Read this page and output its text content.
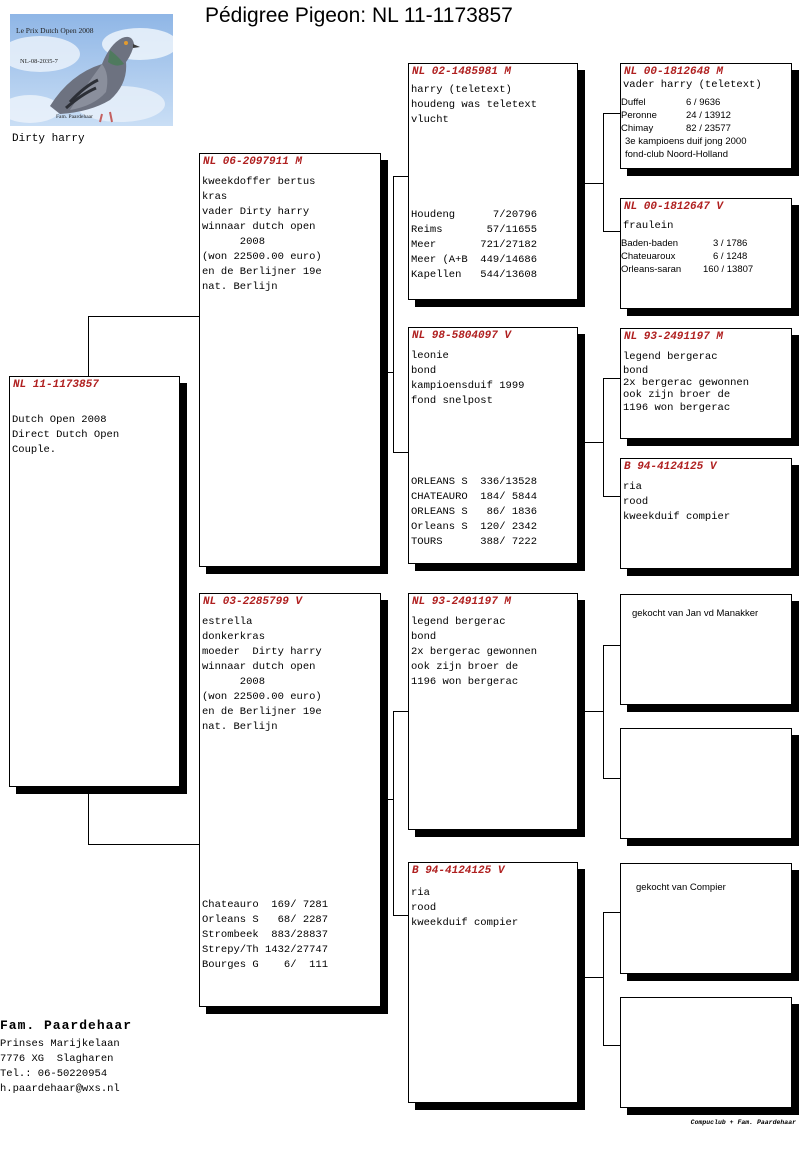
Pédigree Pigeon: NL 11-1173857
Le Prix Dutch Open 2008
NL-08-2035-7
Fam. Paardehaar
Dirty harry
NL 11-1173857
Dutch Open 2008
Direct Dutch Open
Couple.
NL 06-2097911 M
kweekdoffer bertus
kras
vader Dirty harry
winnaar dutch open
2008
(won 22500.00 euro)
en de Berlijner 19e
nat. Berlijn
NL 03-2285799 V
estrella
donkerkras
moeder  Dirty harry
winnaar dutch open
2008
(won 22500.00 euro)
en de Berlijner 19e
nat. Berlijn
Chateauro  169/ 7281
Orleans S   68/ 2287
Strombeek  883/28837
Strepy/Th 1432/27747
Bourges G    6/  111
NL 02-1485981 M
harry (teletext)
houdeng was teletext
vlucht
Houdeng      7/20796
Reims       57/11655
Meer       721/27182
Meer (A+B  449/14686
Kapellen   544/13608
NL 98-5804097 V
leonie
bond
kampioensduif 1999
fond snelpost
ORLEANS S  336/13528
CHATEAURO  184/ 5844
ORLEANS S   86/ 1836
Orleans S  120/ 2342
TOURS      388/ 7222
NL 93-2491197 M
legend bergerac
bond
2x bergerac gewonnen
ook zijn broer de
1196 won bergerac
B 94-4124125 V
ria
rood
kweekduif compier
NL 00-1812648 M
vader harry (teletext)
Duffel	6 / 9636
Peronne	24 / 13912
Chimay	82 / 23577
3e kampioens duif jong 2000
fond-club Noord-Holland
NL 00-1812647 V
fraulein
Baden-baden	3 / 1786
Chateuaroux	6 / 1248
Orleans-saran	160 / 13807
NL 93-2491197 M
legend bergerac
bond
2x bergerac gewonnen
ook zijn broer de
1196 won bergerac
B 94-4124125 V
ria
rood
kweekduif compier
gekocht van Jan vd Manakker
gekocht van Compier
Fam. Paardehaar
Prinses Marijkelaan
7776 XG  Slagharen
Tel.: 06-50220954
h.paardehaar@wxs.nl
Compuclub + Fam. Paardehaar
